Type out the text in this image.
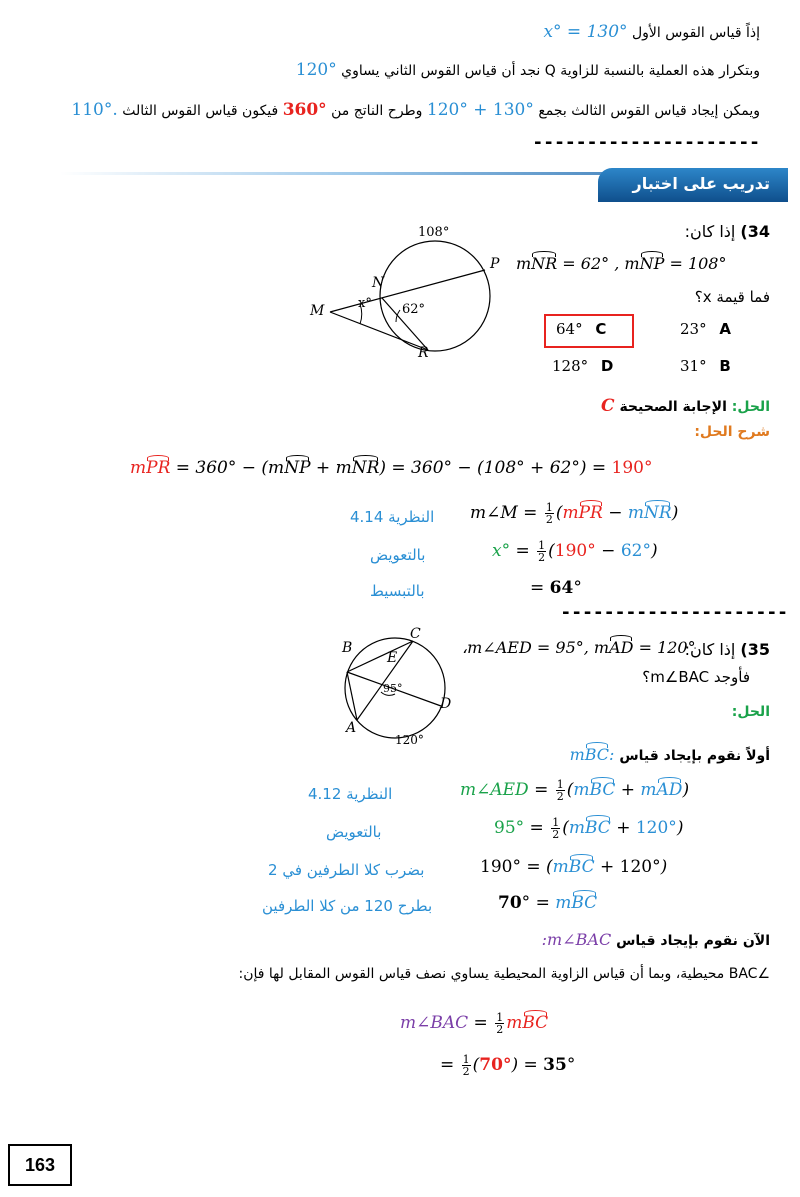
إذاً قياس القوس الأول x° = 130°
وبتكرار هذه العملية بالنسبة للزاوية Q نجد أن قياس القوس الثاني يساوي 120°
ويمكن إيجاد قياس القوس الثالث بجمع 120° + 130° وطرح الناتج من 360° فيكون قياس القوس الثالث 110°.
---------------------
تدريب على اختبار
108°
x° 62°
M
N
P
R
34) إذا كان:
mNR = 62° , mNP = 108°
فما قيمة x؟
64° C	23° A
128° D	31° B
الحل: الإجابة الصحيحة C
شرح الحل:
mPR = 360° − (mNP + mNR) = 360° − (108° + 62°) = 190°
النظرية 4.14 m∠M = $\frac{1}{2} (mPR - mNR)$
بالتعويض	$x^\circ = \frac{1}{2} (190^\circ - 62^\circ)$
بالتبسيط	= 64°
---------------------
B
C
E
D
A
95°
120°
35) إذا كان:
،m∠AED = 95°, mAD = 120°
فأوجد m∠BAC؟
الحل:
أولاً نقوم بإيجاد قياس mBC:
النظرية 4.12	m∠AED = $\frac{1}{2} (mBC + mAD)$
بالتعويض	$95^\circ = \frac{1}{2} (mBC + 120^\circ)$
بضرب كلا الطرفين في 2	190° = (mBC + 120°)
بطرح 120 من كلا الطرفين	70° = mBC
الآن نقوم بإيجاد قياس :m∠BAC
∠BAC محيطية، وبما أن قياس الزاوية المحيطية يساوي نصف قياس القوس المقابل لها فإن:
m∠BAC = $\frac{1}{2}$ mBC
= $\frac{1}{2} (70^\circ) = 35^\circ$
163
